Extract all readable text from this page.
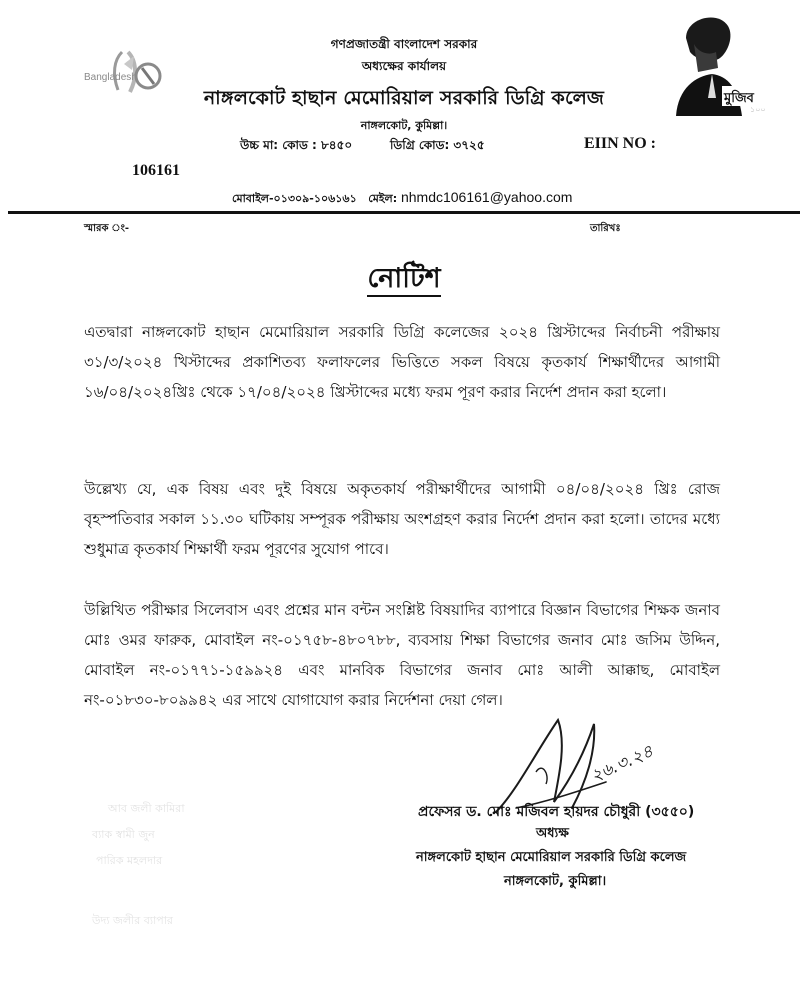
Bangladesh
মুজিব
১০০
গণপ্রজাতন্ত্রী বাংলাদেশ সরকার
অধ্যক্ষের কার্যালয়
নাঙ্গলকোট হাছান মেমোরিয়াল সরকারি ডিগ্রি কলেজ
নাঙ্গলকোট, কুমিল্লা।
উচ্চ মা: কোড : ৮৪৫০	ডিগ্রি কোড: ৩৭২৫	EIIN NO :
106161
মোবাইল-০১৩০৯-১০৬১৬১ মেইল: nhmdc106161@yahoo.com
স্মারক ং-	তারিখঃ
নোটিশ
এতদ্বারা নাঙ্গলকোট হাছান মেমোরিয়াল সরকারি ডিগ্রি কলেজের ২০২৪ খ্রিস্টাব্দের নির্বাচনী পরীক্ষায় ৩১/৩/২০২৪ খিস্টাব্দের প্রকাশিতব্য ফলাফলের ভিত্তিতে সকল বিষয়ে কৃতকার্য শিক্ষার্থীদের আগামী ১৬/০৪/২০২৪খ্রিঃ থেকে ১৭/০৪/২০২৪ খ্রিস্টাব্দের মধ্যে ফরম পূরণ করার নির্দেশ প্রদান করা হলো।
উল্লেখ্য যে, এক বিষয় এবং দুই বিষয়ে অকৃতকার্য পরীক্ষার্থীদের আগামী ০৪/০৪/২০২৪ খ্রিঃ রোজ বৃহস্পতিবার সকাল ১১.৩০ ঘটিকায় সম্পূরক পরীক্ষায় অংশগ্রহণ করার নির্দেশ প্রদান করা হলো। তাদের মধ্যে শুধুমাত্র কৃতকার্য শিক্ষার্থী ফরম পূরণের সুযোগ পাবে।
উল্লিখিত পরীক্ষার সিলেবাস এবং প্রশ্নের মান বন্টন সংশ্লিষ্ট বিষয়াদির ব্যাপারে বিজ্ঞান বিভাগের শিক্ষক জনাব মোঃ ওমর ফারুক, মোবাইল নং-০১৭৫৮-৪৮০৭৮৮, ব্যবসায় শিক্ষা বিভাগের জনাব মোঃ জসিম উদ্দিন, মোবাইল নং-০১৭৭১-১৫৯৯২৪ এবং মানবিক বিভাগের জনাব মোঃ আলী আক্কাছ, মোবাইল নং-০১৮৩০-৮০৯৯৪২ এর সাথে যোগাযোগ করার নির্দেশনা দেয়া গেল।
আব জলী কামিরা
ব্যাক স্বামী জুন
পারিক মহলদার
উদ্য জলীর ব্যাপার
২৬.৩.২৪
প্রফেসর ড. মোঃ মজিবল হায়দর চৌধুরী (৩৫৫০)
অধ্যক্ষ
নাঙ্গলকোট হাছান মেমোরিয়াল সরকারি ডিগ্রি কলেজ
নাঙ্গলকোট, কুমিল্লা।
